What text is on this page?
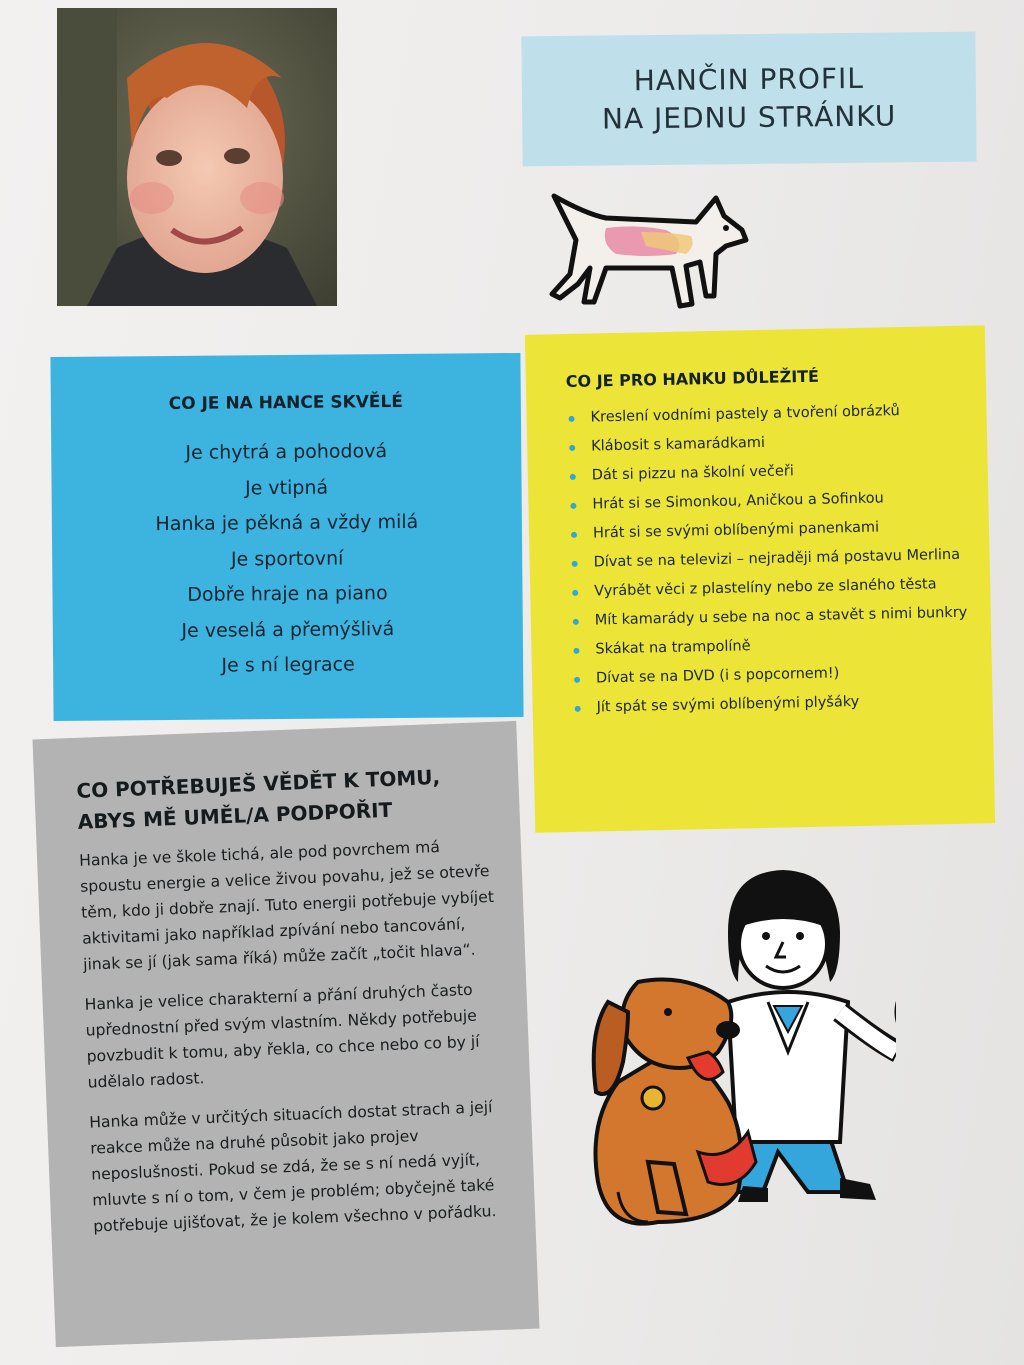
HANČIN PROFIL
NA JEDNU STRÁNKU
CO JE NA HANCE SKVĚLÉ
Je chytrá a pohodová
Je vtipná
Hanka je pěkná a vždy milá
Je sportovní
Dobře hraje na piano
Je veselá a přemýšlivá
Je s ní legrace
CO JE PRO HANKU DŮLEŽITÉ
Kreslení vodními pastely a tvoření obrázků
Klábosit s kamarádkami
Dát si pizzu na školní večeři
Hrát si se Simonkou, Aničkou a Sofinkou
Hrát si se svými oblíbenými panenkami
Dívat se na televizi – nejraději má postavu Merlina
Vyrábět věci z plastelíny nebo ze slaného těsta
Mít kamarády u sebe na noc a stavět s nimi bunkry
Skákat na trampolíně
Dívat se na DVD (i s popcornem!)
Jít spát se svými oblíbenými plyšáky
CO POTŘEBUJEŠ VĚDĚT K TOMU, ABYS MĚ UMĚL/A PODPOŘIT

Hanka je ve škole tichá, ale pod povrchem má spoustu energie a velice živou povahu, jež se otevře těm, kdo ji dobře znají. Tuto energii potřebuje vybíjet aktivitami jako například zpívání nebo tancování, jinak se jí (jak sama říká) může začít „točit hlava“.

Hanka je velice charakterní a přání druhých často upřednostní před svým vlastním. Někdy potřebuje povzbudit k tomu, aby řekla, co chce nebo co by jí udělalo radost.

Hanka může v určitých situacích dostat strach a její reakce může na druhé působit jako projev neposlušnosti. Pokud se zdá, že se s ní nedá vyjít, mluvte s ní o tom, v čem je problém; obyčejně také potřebuje ujišťovat, že je kolem všechno v pořádku.
